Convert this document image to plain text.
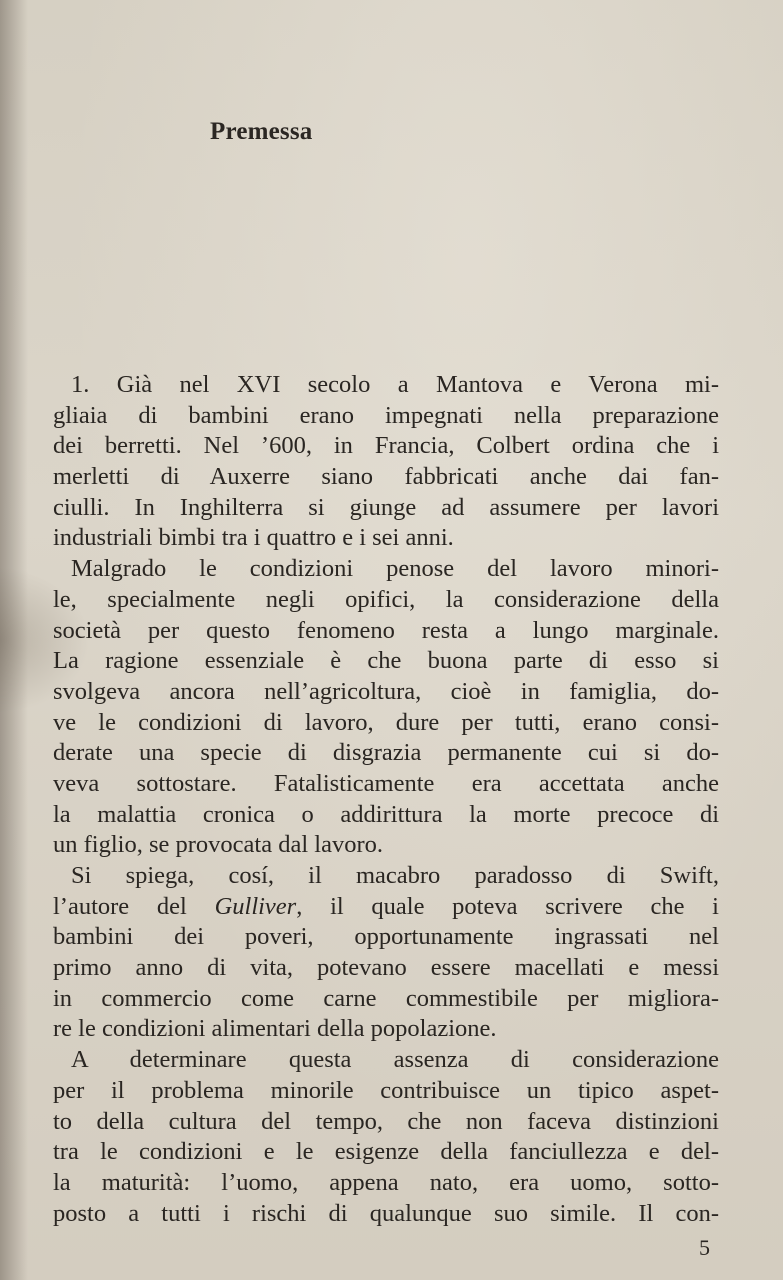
Premessa
1. Già nel XVI secolo a Mantova e Verona mi-
gliaia di bambini erano impegnati nella preparazione
dei berretti. Nel ’600, in Francia, Colbert ordina che i
merletti di Auxerre siano fabbricati anche dai fan-
ciulli. In Inghilterra si giunge ad assumere per lavori
industriali bimbi tra i quattro e i sei anni.
Malgrado le condizioni penose del lavoro minori-
le, specialmente negli opifici, la considerazione della
società per questo fenomeno resta a lungo marginale.
La ragione essenziale è che buona parte di esso si
svolgeva ancora nell’agricoltura, cioè in famiglia, do-
ve le condizioni di lavoro, dure per tutti, erano consi-
derate una specie di disgrazia permanente cui si do-
veva sottostare. Fatalisticamente era accettata anche
la malattia cronica o addirittura la morte precoce di
un figlio, se provocata dal lavoro.
Si spiega, cosí, il macabro paradosso di Swift,
l’autore del Gulliver, il quale poteva scrivere che i
bambini dei poveri, opportunamente ingrassati nel
primo anno di vita, potevano essere macellati e messi
in commercio come carne commestibile per migliora-
re le condizioni alimentari della popolazione.
A determinare questa assenza di considerazione
per il problema minorile contribuisce un tipico aspet-
to della cultura del tempo, che non faceva distinzioni
tra le condizioni e le esigenze della fanciullezza e del-
la maturità: l’uomo, appena nato, era uomo, sotto-
posto a tutti i rischi di qualunque suo simile. Il con-
5
